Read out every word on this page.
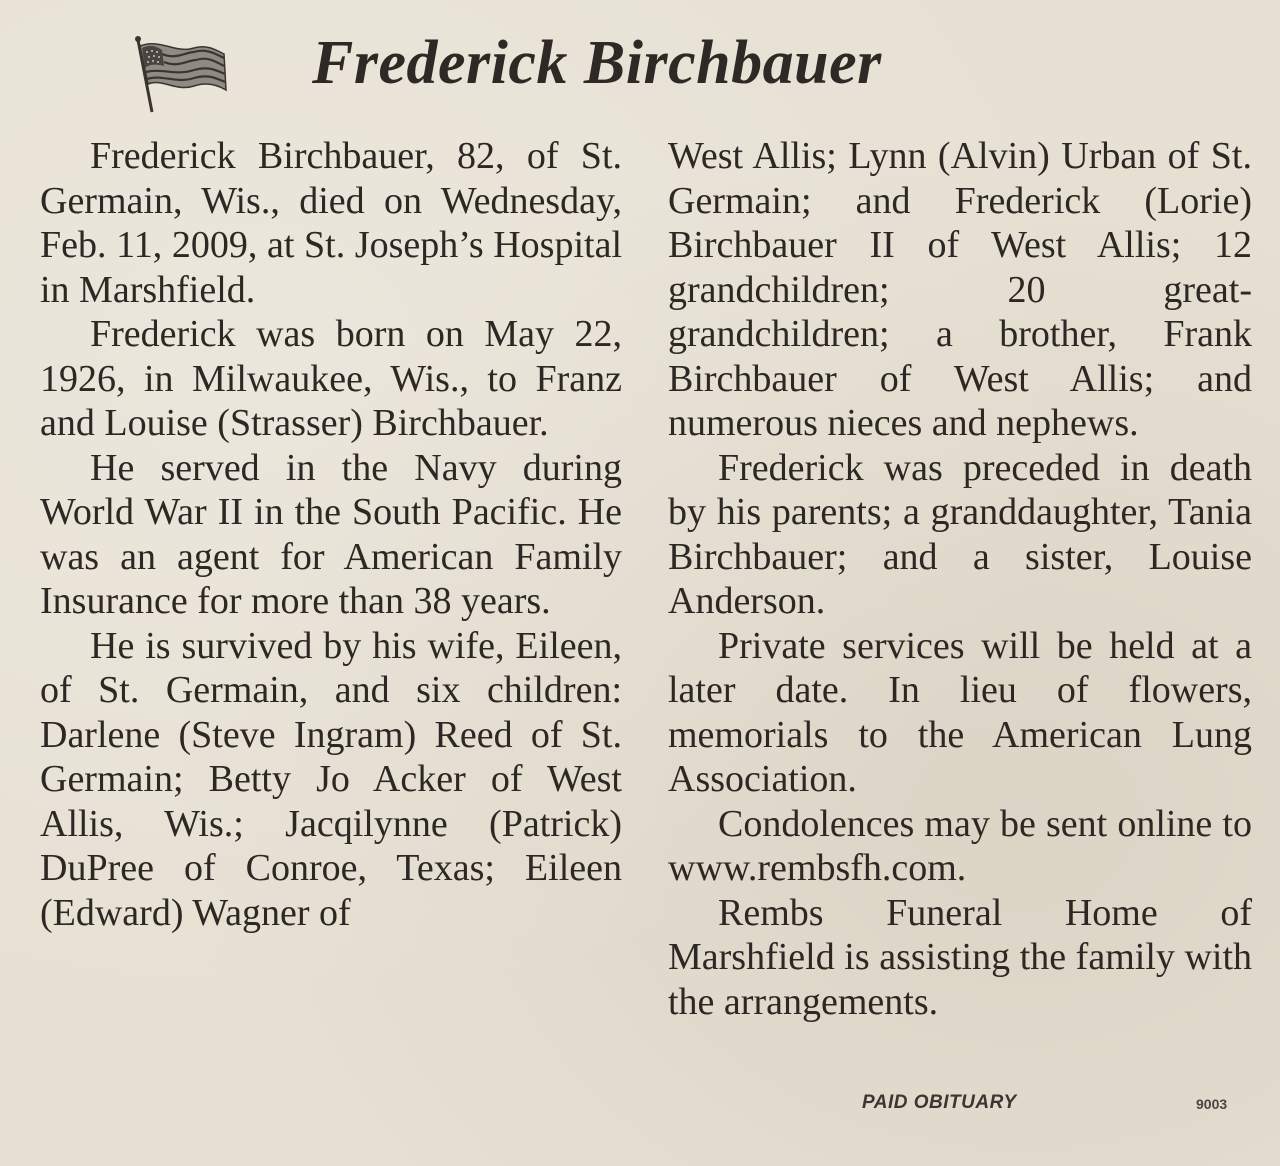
Frederick Birchbauer

Frederick Birchbauer, 82, of St. Germain, Wis., died on Wednesday, Feb. 11, 2009, at St. Joseph’s Hospital in Marshfield.

Frederick was born on May 22, 1926, in Milwaukee, Wis., to Franz and Louise (Strasser) Birchbauer.

He served in the Navy during World War II in the South Pacific. He was an agent for American Family Insurance for more than 38 years.

He is survived by his wife, Eileen, of St. Germain, and six children: Darlene (Steve Ingram) Reed of St. Germain; Betty Jo Acker of West Allis, Wis.; Jacqilynne (Patrick) DuPree of Conroe, Texas; Eileen (Edward) Wagner of

West Allis; Lynn (Alvin) Urban of St. Germain; and Frederick (Lorie) Birchbauer II of West Allis; 12 grandchildren; 20 great-grandchildren; a brother, Frank Birchbauer of West Allis; and numerous nieces and nephews.

Frederick was preceded in death by his parents; a granddaughter, Tania Birchbauer; and a sister, Louise Anderson.

Private services will be held at a later date. In lieu of flowers, memorials to the American Lung Association.

Condolences may be sent online to www.rembsfh.com.

Rembs Funeral Home of Marshfield is assisting the family with the arrangements.

PAID OBITUARY	9003
